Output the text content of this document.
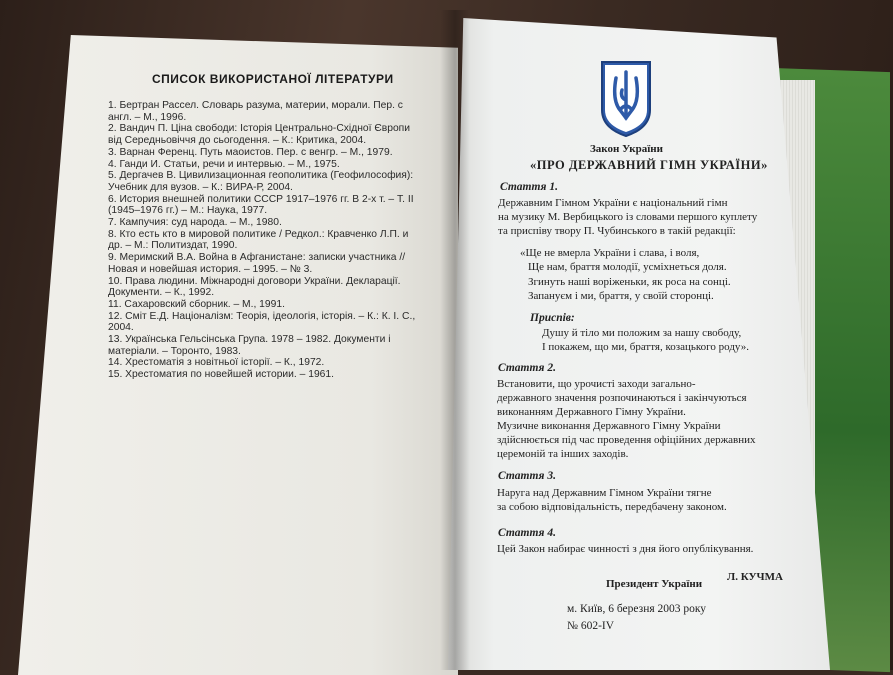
СПИСОК ВИКОРИСТАНОЇ ЛІТЕРАТУРИ

1. Бертран Рассел. Словарь разума, материи, морали. Пер. с англ. – М., 1996.

2. Вандич П. Ціна свободи: Історія Центрально-Східної Європи від Середньовіччя до сьогодення. – К.: Критика, 2004.

3. Варнан Ференц. Путь маоистов. Пер. с венгр. – М., 1979.

4. Ганди И. Статьи, речи и интервью. – М., 1975.

5. Дергачев В. Цивилизационная геополитика (Геофилософия): Учебник для вузов. – К.: ВИРА-Р, 2004.

6. История внешней политики СССР 1917–1976 гг. В 2-х т. – Т. ІІ (1945–1976 гг.) – М.: Наука, 1977.

7. Кампучия: суд народа. – М., 1980.

8. Кто есть кто в мировой политике / Редкол.: Кравченко Л.П. и др. – М.: Политиздат, 1990.

9. Меримский В.А. Война в Афганистане: записки участника // Новая и новейшая история. – 1995. – № 3.

10. Права людини. Міжнародні договори України. Декларації. Документи. – К., 1992.

11. Сахаровский сборник. – М., 1991.

12. Сміт Е.Д. Націоналізм: Теорія, ідеологія, історія. – К.: К. І. С., 2004.

13. Українська Гельсінська Група. 1978 – 1982. Документи і матеріали. – Торонто, 1983.

14. Хрестоматія з новітньої історії. – К., 1972.

15. Хрестоматия по новейшей истории. – 1961.

Закон України
«ПРО ДЕРЖАВНИЙ ГІМН УКРАЇНИ»
Стаття 1.
Державним Гімном України є національний гімн
на музику М. Вербицького із словами першого куплету
та приспіву твору П. Чубинського в такій редакції:
«Ще не вмерла України і слава, і воля,
Ще нам, браття молодії, усміхнеться доля.
Згинуть наші воріженьки, як роса на сонці.
Запануєм і ми, браття, у своїй сторонці.
Приспів:
Душу й тіло ми положим за нашу свободу,
І покажем, що ми, браття, козацького роду».
Стаття 2.
Встановити, що урочисті заходи загально-
державного значення розпочинаються і закінчуються
виконанням Державного Гімну України.
Музичне виконання Державного Гімну України
здійснюється під час проведення офіційних державних
церемоній та інших заходів.
Стаття 3.
Наруга над Державним Гімном України тягне
за собою відповідальність, передбачену законом.
Стаття 4.
Цей Закон набирає чинності з дня його опублікування.
Президент України
Л. КУЧМА
м. Київ, 6 березня 2003 року
№ 602-IV
